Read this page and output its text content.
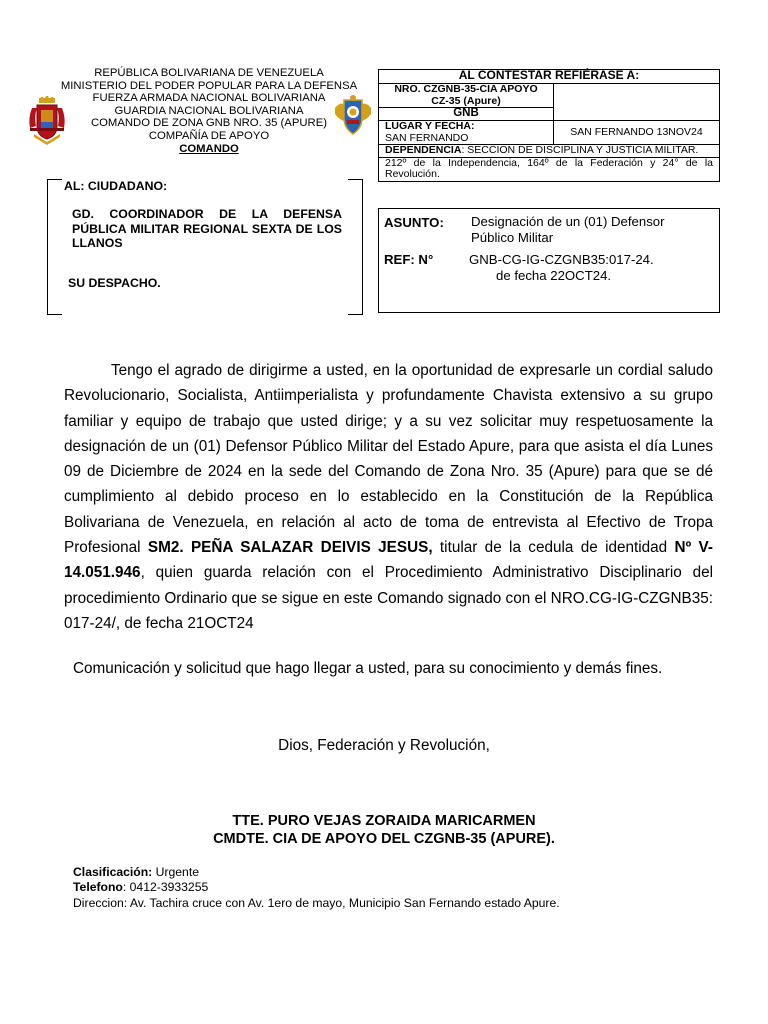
REPÚBLICA BOLIVARIANA DE VENEZUELA
MINISTERIO DEL PODER POPULAR PARA LA DEFENSA
FUERZA ARMADA NACIONAL BOLIVARIANA
GUARDIA NACIONAL BOLIVARIANA
COMANDO DE ZONA GNB NRO. 35 (APURE)
COMPAÑÍA DE APOYO
COMANDO
AL CONTESTAR REFIÉRASE A:	

NRO. CZGNB-35-CIA APOYO
CZ-35 (Apure)	

GNB	

LUGAR Y FECHA:
SAN FERNANDO	SAN FERNANDO 13NOV24
DEPENDENCIA: SECCION DE DISCIPLINA Y JUSTICIA MILITAR.	
212º de la Independencia, 164º de la Federación y 24° de la Revolución.	
AL: CIUDADANO:
GD. COORDINADOR DE LA DEFENSA PÚBLICA MILITAR REGIONAL SEXTA DE LOS LLANOS
SU DESPACHO.
ASUNTO: Designación de un (01) Defensor
Público Militar
REF: N°	GNB-CG-IG-CZGNB35:017-24.
de fecha 22OCT24.

Tengo el agrado de dirigirme a usted, en la oportunidad de expresarle un cordial saludo Revolucionario, Socialista, Antiimperialista y profundamente Chavista extensivo a su grupo familiar y equipo de trabajo que usted dirige; y a su vez solicitar muy respetuosamente la designación de un (01) Defensor Público Militar del Estado Apure, para que asista el día Lunes 09 de Diciembre de 2024 en la sede del Comando de Zona Nro. 35 (Apure) para que se dé cumplimiento al debido proceso en lo establecido en la Constitución de la República Bolivariana de Venezuela, en relación al acto de toma de entrevista al Efectivo de Tropa Profesional SM2. PEÑA SALAZAR DEIVIS JESUS, titular de la cedula de identidad Nº V-14.051.946, quien guarda relación con el Procedimiento Administrativo Disciplinario del procedimiento Ordinario que se sigue en este Comando signado con el NRO.CG-IG-CZGNB35: 017-24/, de fecha 21OCT24

Comunicación y solicitud que hago llegar a usted, para su conocimiento y demás fines.
Dios, Federación y Revolución,
TTE. PURO VEJAS ZORAIDA MARICARMEN
CMDTE. CIA DE APOYO DEL CZGNB-35 (APURE).
Clasificación: Urgente
Telefono: 0412-3933255
Direccion: Av. Tachira cruce con Av. 1ero de mayo, Municipio San Fernando estado Apure.
